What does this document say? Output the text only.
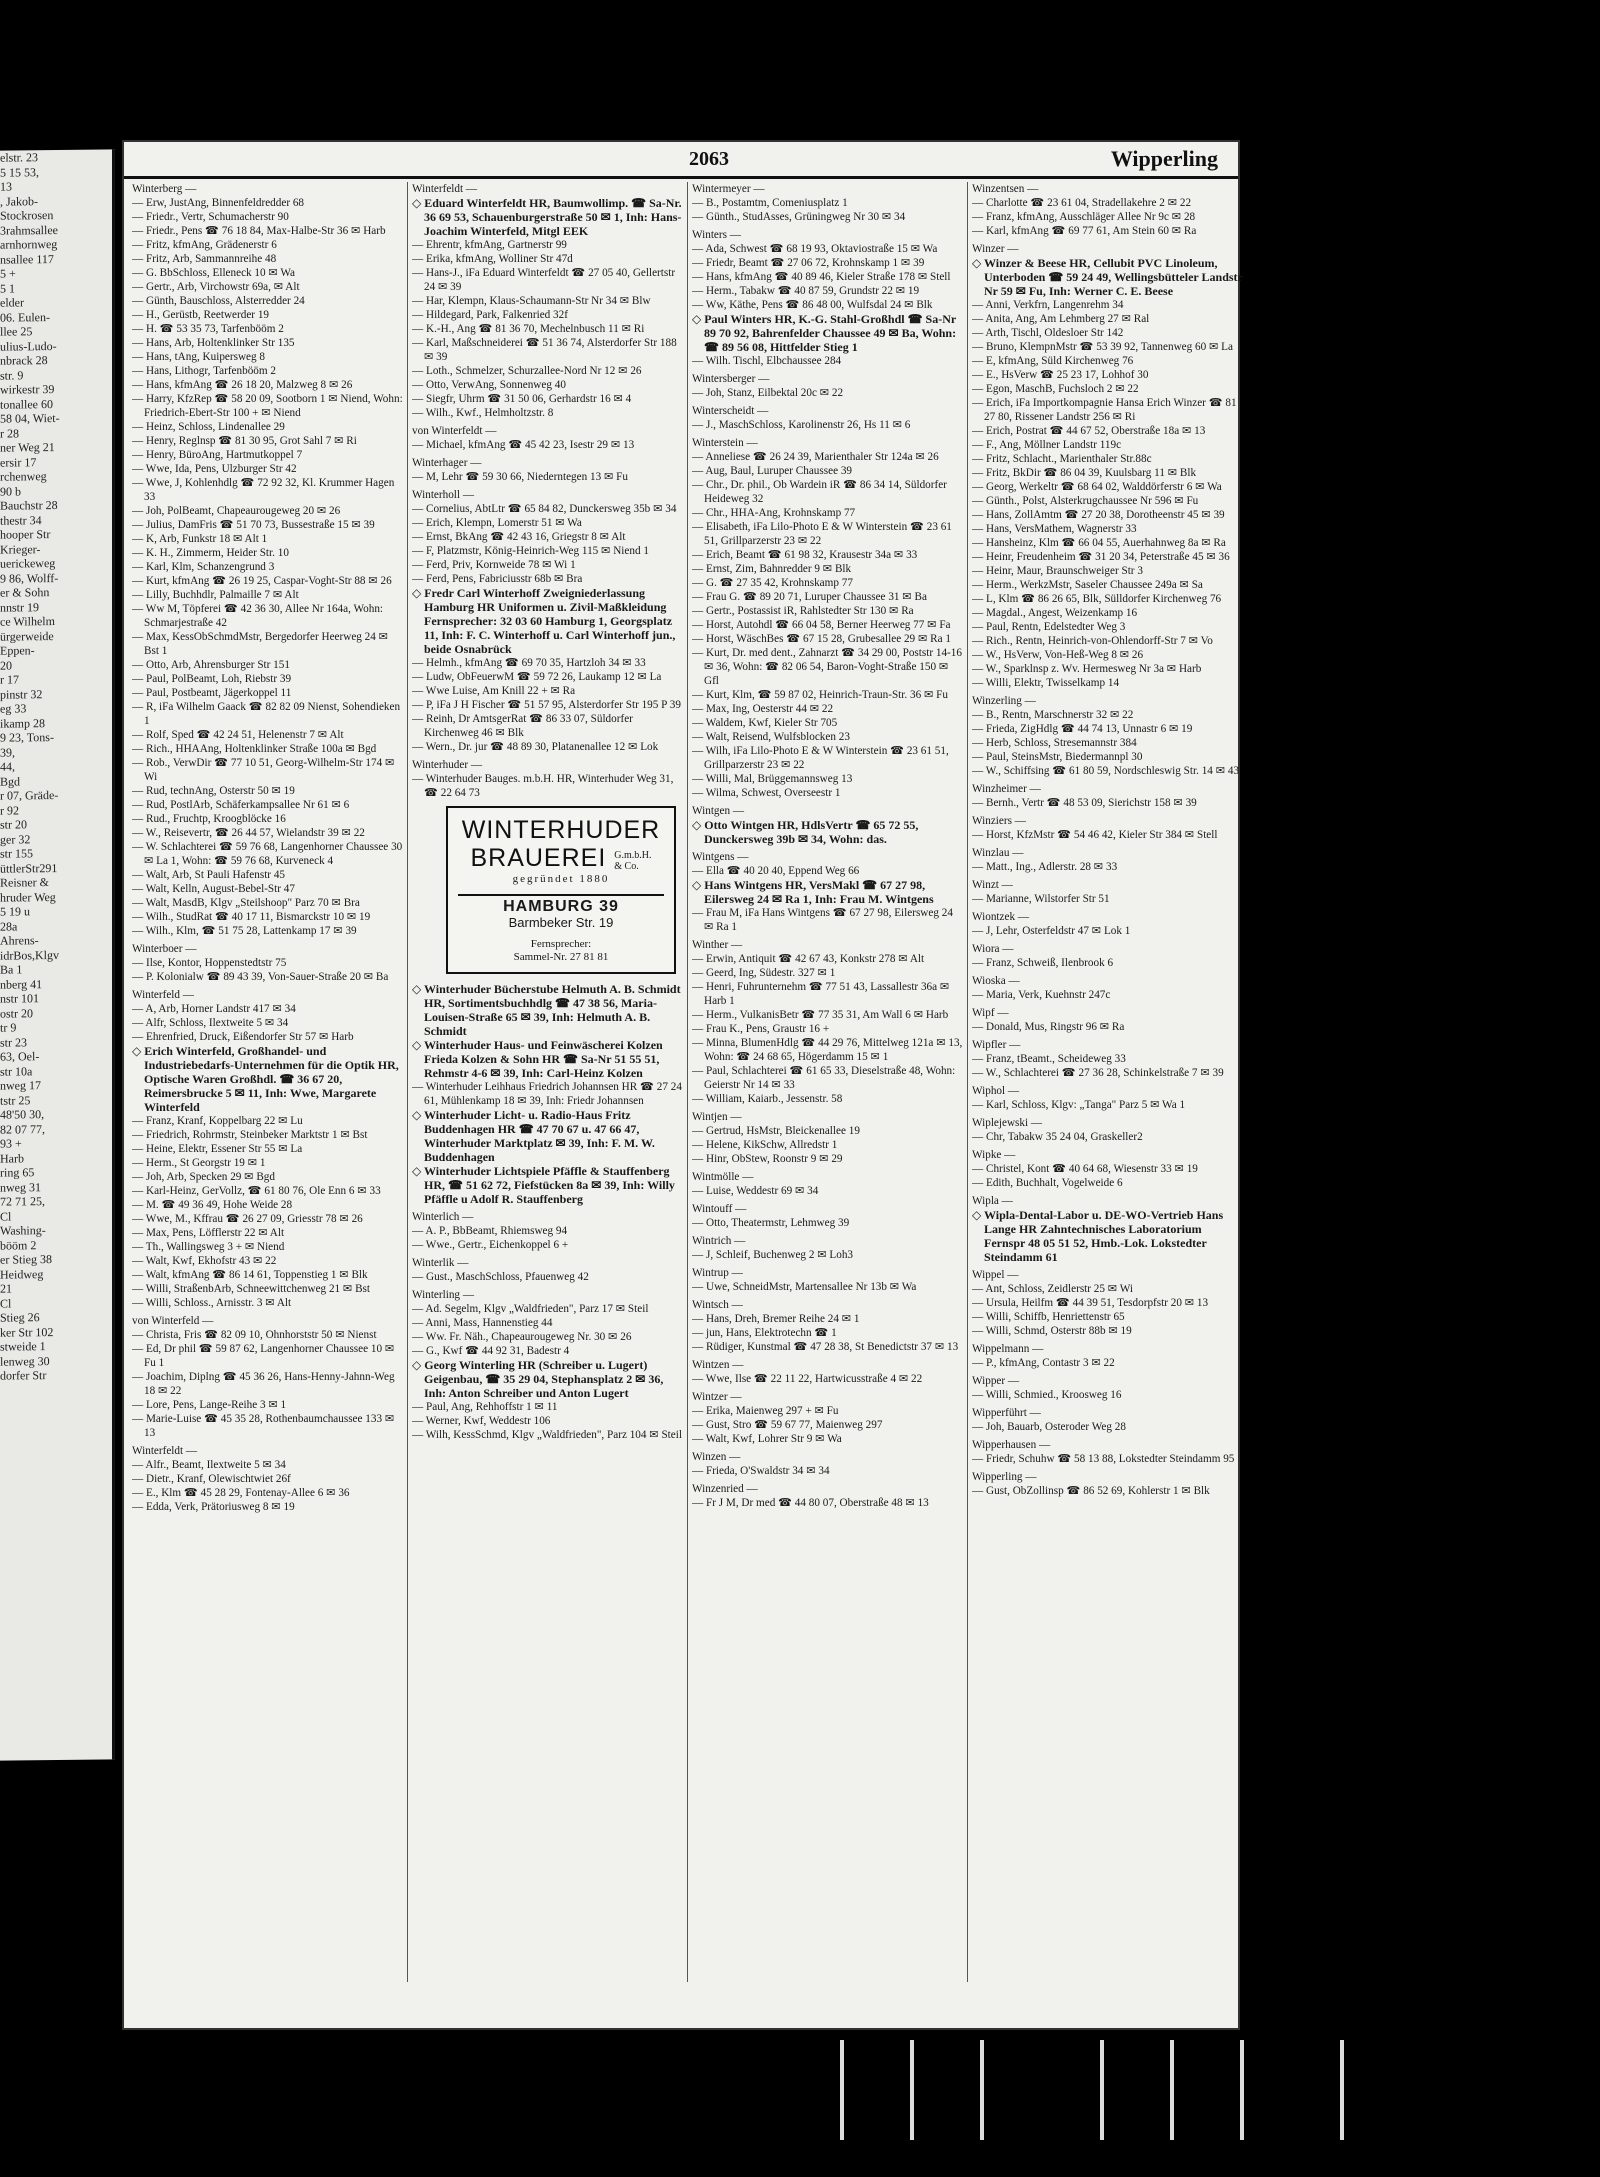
elstr. 23
5 15 53,
13
, Jakob-
Stockrosen
3rahmsallee
arnhornweg
nsallee 117
5 +
5 1
elder
06. Eulen-
llee 25
ulius-Ludo-
nbrack 28
str. 9
wirkestr 39
tonallee 60
58 04, Wiet-
r 28
ner Weg 21
ersir 17
rchenweg
90 b
Bauchstr 28
thestr 34
hooper Str
Krieger-
uerickeweg
9 86, Wolff-
er & Sohn
nnstr 19
ce Wilhelm
ürgerweide
Eppen-
20
r 17
pinstr 32
eg 33
ikamp 28
9 23, Tons-
39,
44,
Bgd
r 07, Gräde-
r 92
str 20
ger 32
str 155
üttlerStr291
Reisner &
hruder Weg
5 19 u
28a
Ahrens-
idrBos,Klgv
Ba 1
nberg 41
nstr 101
ostr 20
tr 9
str 23
63, Oel-
str 10a
nweg 17
tstr 25
48'50 30,
82 07 77,
93 +
Harb
ring 65
nweg 31
72 71 25,
Cl
Washing-
bööm 2
er Stieg 38
Heidweg
21
Cl
Stieg 26
ker Str 102
stweide 1
lenweg 30
dorfer Str
2063	Wipperling
Winterberg —
— Erw, JustAng, Binnenfeldredder 68
— Friedr., Vertr, Schumacherstr 90
— Friedr., Pens ☎ 76 18 84, Max-Halbe-Str 36 ✉ Harb
— Fritz, kfmAng, Grädenerstr 6
— Fritz, Arb, Sammannreihe 48
— G. BbSchloss, Elleneck 10 ✉ Wa
— Gertr., Arb, Virchowstr 69a, ✉ Alt
— Günth, Bauschloss, Alsterredder 24
— H., Gerüstb, Reetwerder 19
— H. ☎ 53 35 73, Tarfenbööm 2
— Hans, Arb, Holtenklinker Str 135
— Hans, tAng, Kuipersweg 8
— Hans, Lithogr, Tarfenbööm 2
— Hans, kfmAng ☎ 26 18 20, Malzweg 8 ✉ 26
— Harry, KfzRep ☎ 58 20 09, Sootborn 1 ✉ Niend, Wohn: Friedrich-Ebert-Str 100 + ✉ Niend
— Heinz, Schloss, Lindenallee 29
— Henry, Reglnsp ☎ 81 30 95, Grot Sahl 7 ✉ Ri
— Henry, BüroAng, Hartmutkoppel 7
— Wwe, Ida, Pens, Ulzburger Str 42
— Wwe, J, Kohlenhdlg ☎ 72 92 32, Kl. Krummer Hagen 33
— Joh, PolBeamt, Chapeaurougeweg 20 ✉ 26
— Julius, DamFris ☎ 51 70 73, Bussestraße 15 ✉ 39
— K, Arb, Funkstr 18 ✉ Alt 1
— K. H., Zimmerm, Heider Str. 10
— Karl, Klm, Schanzengrund 3
— Kurt, kfmAng ☎ 26 19 25, Caspar-Voght-Str 88 ✉ 26
— Lilly, Buchhdlr, Palmaille 7 ✉ Alt
— Ww M, Töpferei ☎ 42 36 30, Allee Nr 164a, Wohn: Schmarjestraße 42
— Max, KessObSchmdMstr, Bergedorfer Heerweg 24 ✉ Bst 1
— Otto, Arb, Ahrensburger Str 151
— Paul, PolBeamt, Loh, Riebstr 39
— Paul, Postbeamt, Jägerkoppel 11
— R, iFa Wilhelm Gaack ☎ 82 82 09 Nienst, Sohendieken 1
— Rolf, Sped ☎ 42 24 51, Helenenstr 7 ✉ Alt
— Rich., HHAAng, Holtenklinker Straße 100a ✉ Bgd
— Rob., VerwDir ☎ 77 10 51, Georg-Wilhelm-Str 174 ✉ Wi
— Rud, technAng, Osterstr 50 ✉ 19
— Rud, PostlArb, Schäferkampsallee Nr 61 ✉ 6
— Rud., Fruchtp, Kroogblöcke 16
— W., Reisevertr, ☎ 26 44 57, Wielandstr 39 ✉ 22
— W. Schlachterei ☎ 59 76 68, Langenhorner Chaussee 30 ✉ La 1, Wohn: ☎ 59 76 68, Kurveneck 4
— Walt, Arb, St Pauli Hafenstr 45
— Walt, Kelln, August-Bebel-Str 47
— Walt, MasdB, Klgv „Steilshoop" Parz 70 ✉ Bra
— Wilh., StudRat ☎ 40 17 11, Bismarckstr 10 ✉ 19
— Wilh., Klm, ☎ 51 75 28, Lattenkamp 17 ✉ 39
Winterboer —
— Ilse, Kontor, Hoppenstedtstr 75
— P. Kolonialw ☎ 89 43 39, Von-Sauer-Straße 20 ✉ Ba
Winterfeld —
— A, Arb, Horner Landstr 417 ✉ 34
— Alfr, Schloss, Ilextweite 5 ✉ 34
— Ehrenfried, Druck, Eißendorfer Str 57 ✉ Harb
◇ Erich Winterfeld, Großhandel- und Industriebedarfs-Unternehmen für die Optik HR, Optische Waren Großhdl. ☎ 36 67 20, Reimersbrucke 5 ✉ 11, Inh: Wwe, Margarete Winterfeld
— Franz, Kranf, Koppelbarg 22 ✉ Lu
— Friedrich, Rohrmstr, Steinbeker Marktstr 1 ✉ Bst
— Heine, Elektr, Essener Str 55 ✉ La
— Herm., St Georgstr 19 ✉ 1
— Joh, Arb, Specken 29 ✉ Bgd
— Karl-Heinz, GerVollz, ☎ 61 80 76, Ole Enn 6 ✉ 33
— M. ☎ 49 36 49, Hohe Weide 28
— Wwe, M., Kffrau ☎ 26 27 09, Griesstr 78 ✉ 26
— Max, Pens, Löfflerstr 22 ✉ Alt
— Th., Wallingsweg 3 + ✉ Niend
— Walt, Kwf, Ekhofstr 43 ✉ 22
— Walt, kfmAng ☎ 86 14 61, Toppenstieg 1 ✉ Blk
— Willi, StraßenbArb, Schneewittchenweg 21 ✉ Bst
— Willi, Schloss., Arnisstr. 3 ✉ Alt
von Winterfeld —
— Christa, Fris ☎ 82 09 10, Ohnhorststr 50 ✉ Nienst
— Ed, Dr phil ☎ 59 87 62, Langenhorner Chaussee 10 ✉ Fu 1
— Joachim, Diplng ☎ 45 36 26, Hans-Henny-Jahnn-Weg 18 ✉ 22
— Lore, Pens, Lange-Reihe 3 ✉ 1
— Marie-Luise ☎ 45 35 28, Rothenbaumchaussee 133 ✉ 13
Winterfeldt —
— Alfr., Beamt, Ilextweite 5 ✉ 34
— Dietr., Kranf, Olewischtwiet 26f
— E., Klm ☎ 45 28 29, Fontenay-Allee 6 ✉ 36
— Edda, Verk, Prätoriusweg 8 ✉ 19
Winterfeldt —
◇ Eduard Winterfeldt HR, Baumwollimp. ☎ Sa-Nr. 36 69 53, Schauenburgerstraße 50 ✉ 1, Inh: Hans-Joachim Winterfeld, Mitgl EEK
— Ehrentr, kfmAng, Gartnerstr 99
— Erika, kfmAng, Wolliner Str 47d
— Hans-J., iFa Eduard Winterfeldt ☎ 27 05 40, Gellertstr 24 ✉ 39
— Har, Klempn, Klaus-Schaumann-Str Nr 34 ✉ Blw
— Hildegard, Park, Falkenried 32f
— K.-H., Ang ☎ 81 36 70, Mechelnbusch 11 ✉ Ri
— Karl, Maßschneiderei ☎ 51 36 74, Alsterdorfer Str 188 ✉ 39
— Loth., Schmelzer, Schurzallee-Nord Nr 12 ✉ 26
— Otto, VerwAng, Sonnenweg 40
— Siegfr, Uhrm ☎ 31 50 06, Gerhardstr 16 ✉ 4
— Wilh., Kwf., Helmholtzstr. 8
von Winterfeldt —
— Michael, kfmAng ☎ 45 42 23, Isestr 29 ✉ 13
Winterhager —
— M, Lehr ☎ 59 30 66, Niederntegen 13 ✉ Fu
Winterholl —
— Cornelius, AbtLtr ☎ 65 84 82, Dunckersweg 35b ✉ 34
— Erich, Klempn, Lomerstr 51 ✉ Wa
— Ernst, BkAng ☎ 42 43 16, Griegstr 8 ✉ Alt
— F, Platzmstr, König-Heinrich-Weg 115 ✉ Niend 1
— Ferd, Priv, Kornweide 78 ✉ Wi 1
— Ferd, Pens, Fabriciusstr 68b ✉ Bra
◇ Fredr Carl Winterhoff Zweigniederlassung Hamburg HR Uniformen u. Zivil-Maßkleidung Fernsprecher: 32 03 60 Hamburg 1, Georgsplatz 11, Inh: F. C. Winterhoff u. Carl Winterhoff jun., beide Osnabrück
— Helmh., kfmAng ☎ 69 70 35, Hartzloh 34 ✉ 33
— Ludw, ObFeuerwM ☎ 59 72 26, Laukamp 12 ✉ La
— Wwe Luise, Am Knill 22 + ✉ Ra
— P, iFa J H Fischer ☎ 51 57 95, Alsterdorfer Str 195 P 39
— Reinh, Dr AmtsgerRat ☎ 86 33 07, Süldorfer Kirchenweg 46 ✉ Blk
— Wern., Dr. jur ☎ 48 89 30, Platanenallee 12 ✉ Lok
Winterhuder —
— Winterhuder Bauges. m.b.H. HR, Winterhuder Weg 31, ☎ 22 64 73
WINTERHUDER
BRAUEREI G.m.b.H.
& Co.
gegründet 1880
HAMBURG 39
Barmbeker Str. 19
Fernsprecher:
Sammel-Nr. 27 81 81
◇ Winterhuder Bücherstube Helmuth A. B. Schmidt HR, Sortimentsbuchhdlg ☎ 47 38 56, Maria-Louisen-Straße 65 ✉ 39, Inh: Helmuth A. B. Schmidt
◇ Winterhuder Haus- und Feinwäscherei Kolzen Frieda Kolzen & Sohn HR ☎ Sa-Nr 51 55 51, Rehmstr 4-6 ✉ 39, Inh: Carl-Heinz Kolzen
— Winterhuder Leihhaus Friedrich Johannsen HR ☎ 27 24 61, Mühlenkamp 18 ✉ 39, Inh: Friedr Johannsen
◇ Winterhuder Licht- u. Radio-Haus Fritz Buddenhagen HR ☎ 47 70 67 u. 47 66 47, Winterhuder Marktplatz ✉ 39, Inh: F. M. W. Buddenhagen
◇ Winterhuder Lichtspiele Pfäffle & Stauffenberg HR, ☎ 51 62 72, Fiefstücken 8a ✉ 39, Inh: Willy Pfäffle u Adolf R. Stauffenberg
Winterlich —
— A. P., BbBeamt, Rhiemsweg 94
— Wwe., Gertr., Eichenkoppel 6 +
Winterlik —
— Gust., MaschSchloss, Pfauenweg 42
Winterling —
— Ad. Segelm, Klgv „Waldfrieden", Parz 17 ✉ Steil
— Anni, Mass, Hannenstieg 44
— Ww. Fr. Näh., Chapeaurougeweg Nr. 30 ✉ 26
— G., Kwf ☎ 44 92 31, Badestr 4
◇ Georg Winterling HR (Schreiber u. Lugert) Geigenbau, ☎ 35 29 04, Stephansplatz 2 ✉ 36, Inh: Anton Schreiber und Anton Lugert
— Paul, Ang, Rehhoffstr 1 ✉ 11
— Werner, Kwf, Weddestr 106
— Wilh, KessSchmd, Klgv „Waldfrieden", Parz 104 ✉ Steil
Wintermeyer —
— B., Postamtm, Comeniusplatz 1
— Günth., StudAsses, Grüningweg Nr 30 ✉ 34
Winters —
— Ada, Schwest ☎ 68 19 93, Oktaviostraße 15 ✉ Wa
— Friedr, Beamt ☎ 27 06 72, Krohnskamp 1 ✉ 39
— Hans, kfmAng ☎ 40 89 46, Kieler Straße 178 ✉ Stell
— Herm., Tabakw ☎ 40 87 59, Grundstr 22 ✉ 19
— Ww, Käthe, Pens ☎ 86 48 00, Wulfsdal 24 ✉ Blk
◇ Paul Winters HR, K.-G. Stahl-Großhdl ☎ Sa-Nr 89 70 92, Bahrenfelder Chaussee 49 ✉ Ba, Wohn: ☎ 89 56 08, Hittfelder Stieg 1
— Wilh. Tischl, Elbchaussee 284
Wintersberger —
— Joh, Stanz, Eilbektal 20c ✉ 22
Winterscheidt —
— J., MaschSchloss, Karolinenstr 26, Hs 11 ✉ 6
Winterstein —
— Anneliese ☎ 26 24 39, Marienthaler Str 124a ✉ 26
— Aug, Baul, Luruper Chaussee 39
— Chr., Dr. phil., Ob Wardein iR ☎ 86 34 14, Süldorfer Heideweg 32
— Chr., HHA-Ang, Krohnskamp 77
— Elisabeth, iFa Lilo-Photo E & W Winterstein ☎ 23 61 51, Grillparzerstr 23 ✉ 22
— Erich, Beamt ☎ 61 98 32, Krausestr 34a ✉ 33
— Ernst, Zim, Bahnredder 9 ✉ Blk
— G. ☎ 27 35 42, Krohnskamp 77
— Frau G. ☎ 89 20 71, Luruper Chaussee 31 ✉ Ba
— Gertr., Postassist iR, Rahlstedter Str 130 ✉ Ra
— Horst, Autohdl ☎ 66 04 58, Berner Heerweg 77 ✉ Fa
— Horst, WäschBes ☎ 67 15 28, Grubesallee 29 ✉ Ra 1
— Kurt, Dr. med dent., Zahnarzt ☎ 34 29 00, Poststr 14-16 ✉ 36, Wohn: ☎ 82 06 54, Baron-Voght-Straße 150 ✉ Gfl
— Kurt, Klm, ☎ 59 87 02, Heinrich-Traun-Str. 36 ✉ Fu
— Max, Ing, Oesterstr 44 ✉ 22
— Waldem, Kwf, Kieler Str 705
— Walt, Reisend, Wulfsblocken 23
— Wilh, iFa Lilo-Photo E & W Winterstein ☎ 23 61 51, Grillparzerstr 23 ✉ 22
— Willi, Mal, Brüggemannsweg 13
— Wilma, Schwest, Overseestr 1
Wintgen —
◇ Otto Wintgen HR, HdlsVertr ☎ 65 72 55, Dunckersweg 39b ✉ 34, Wohn: das.
Wintgens —
— Ella ☎ 40 20 40, Eppend Weg 66
◇ Hans Wintgens HR, VersMakl ☎ 67 27 98, Eilersweg 24 ✉ Ra 1, Inh: Frau M. Wintgens
— Frau M, iFa Hans Wintgens ☎ 67 27 98, Eilersweg 24 ✉ Ra 1
Winther —
— Erwin, Antiquit ☎ 42 67 43, Konkstr 278 ✉ Alt
— Geerd, Ing, Südestr. 327 ✉ 1
— Henri, Fuhrunternehm ☎ 77 51 43, Lassallestr 36a ✉ Harb 1
— Herm., VulkanisBetr ☎ 77 35 31, Am Wall 6 ✉ Harb
— Frau K., Pens, Graustr 16 +
— Minna, BlumenHdlg ☎ 44 29 76, Mittelweg 121a ✉ 13, Wohn: ☎ 24 68 65, Högerdamm 15 ✉ 1
— Paul, Schlachterei ☎ 61 65 33, Dieselstraße 48, Wohn: Geierstr Nr 14 ✉ 33
— William, Kaiarb., Jessenstr. 58
Wintjen —
— Gertrud, HsMstr, Bleickenallee 19
— Helene, KikSchw, Allredstr 1
— Hinr, ObStew, Roonstr 9 ✉ 29
Wintmölle —
— Luise, Weddestr 69 ✉ 34
Wintouff —
— Otto, Theatermstr, Lehmweg 39
Wintrich —
— J, Schleif, Buchenweg 2 ✉ Loh3
Wintrup —
— Uwe, SchneidMstr, Martensallee Nr 13b ✉ Wa
Wintsch —
— Hans, Dreh, Bremer Reihe 24 ✉ 1
— jun, Hans, Elektrotechn ☎ 1
— Rüdiger, Kunstmal ☎ 47 28 38, St Benedictstr 37 ✉ 13
Wintzen —
— Wwe, Ilse ☎ 22 11 22, Hartwicusstraße 4 ✉ 22
Wintzer —
— Erika, Maienweg 297 + ✉ Fu
— Gust, Stro ☎ 59 67 77, Maienweg 297
— Walt, Kwf, Lohrer Str 9 ✉ Wa
Winzen —
— Frieda, O'Swaldstr 34 ✉ 34
Winzenried —
— Fr J M, Dr med ☎ 44 80 07, Oberstraße 48 ✉ 13
Winzentsen —
— Charlotte ☎ 23 61 04, Stradellakehre 2 ✉ 22
— Franz, kfmAng, Ausschläger Allee Nr 9c ✉ 28
— Karl, kfmAng ☎ 69 77 61, Am Stein 60 ✉ Ra
Winzer —
◇ Winzer & Beese HR, Cellubit PVC Linoleum, Unterboden ☎ 59 24 49, Wellingsbütteler Landstr Nr 59 ✉ Fu, Inh: Werner C. E. Beese
— Anni, Verkfrn, Langenrehm 34
— Anita, Ang, Am Lehmberg 27 ✉ Ral
— Arth, Tischl, Oldesloer Str 142
— Bruno, KlempnMstr ☎ 53 39 92, Tannenweg 60 ✉ La
— E, kfmAng, Süld Kirchenweg 76
— E., HsVerw ☎ 25 23 17, Lohhof 30
— Egon, MaschB, Fuchsloch 2 ✉ 22
— Erich, iFa Importkompagnie Hansa Erich Winzer ☎ 81 27 80, Rissener Landstr 256 ✉ Ri
— Erich, Postrat ☎ 44 67 52, Oberstraße 18a ✉ 13
— F., Ang, Möllner Landstr 119c
— Fritz, Schlacht., Marienthaler Str.88c
— Fritz, BkDir ☎ 86 04 39, Kuulsbarg 11 ✉ Blk
— Georg, Werkeltr ☎ 68 64 02, Walddörferstr 6 ✉ Wa
— Günth., Polst, Alsterkrugchaussee Nr 596 ✉ Fu
— Hans, ZollAmtm ☎ 27 20 38, Dorotheenstr 45 ✉ 39
— Hans, VersMathem, Wagnerstr 33
— Hansheinz, Klm ☎ 66 04 55, Auerhahnweg 8a ✉ Ra
— Heinr, Freudenheim ☎ 31 20 34, Peterstraße 45 ✉ 36
— Heinr, Maur, Braunschweiger Str 3
— Herm., WerkzMstr, Saseler Chaussee 249a ✉ Sa
— L, Klm ☎ 86 26 65, Blk, Sülldorfer Kirchenweg 76
— Magdal., Angest, Weizenkamp 16
— Paul, Rentn, Edelstedter Weg 3
— Rich., Rentn, Heinrich-von-Ohlendorff-Str 7 ✉ Vo
— W., HsVerw, Von-Heß-Weg 8 ✉ 26
— W., Sparklnsp z. Wv. Hermesweg Nr 3a ✉ Harb
— Willi, Elektr, Twisselkamp 14
Winzerling —
— B., Rentn, Marschnerstr 32 ✉ 22
— Frieda, ZigHdlg ☎ 44 74 13, Unnastr 6 ✉ 19
— Herb, Schloss, Stresemannstr 384
— Paul, SteinsMstr, Biedermannpl 30
— W., Schiffsing ☎ 61 80 59, Nordschleswig Str. 14 ✉ 43
Winzheimer —
— Bernh., Vertr ☎ 48 53 09, Sierichstr 158 ✉ 39
Winziers —
— Horst, KfzMstr ☎ 54 46 42, Kieler Str 384 ✉ Stell
Winzlau —
— Matt., Ing., Adlerstr. 28 ✉ 33
Winzt —
— Marianne, Wilstorfer Str 51
Wiontzek —
— J, Lehr, Osterfeldstr 47 ✉ Lok 1
Wiora —
— Franz, Schweiß, Ilenbrook 6
Wioska —
— Maria, Verk, Kuehnstr 247c
Wipf —
— Donald, Mus, Ringstr 96 ✉ Ra
Wipfler —
— Franz, tBeamt., Scheideweg 33
— W., Schlachterei ☎ 27 36 28, Schinkelstraße 7 ✉ 39
Wiphol —
— Karl, Schloss, Klgv: „Tanga" Parz 5 ✉ Wa 1
Wiplejewski —
— Chr, Tabakw 35 24 04, Graskeller2
Wipke —
— Christel, Kont ☎ 40 64 68, Wiesenstr 33 ✉ 19
— Edith, Buchhalt, Vogelweide 6
Wipla —
◇ Wipla-Dental-Labor u. DE-WO-Vertrieb Hans Lange HR Zahntechnisches Laboratorium Fernspr 48 05 51 52, Hmb.-Lok. Lokstedter Steindamm 61
Wippel —
— Ant, Schloss, Zeidlerstr 25 ✉ Wi
— Ursula, Heilfm ☎ 44 39 51, Tesdorpfstr 20 ✉ 13
— Willi, Schiffb, Henriettenstr 65
— Willi, Schmd, Osterstr 88b ✉ 19
Wippelmann —
— P., kfmAng, Contastr 3 ✉ 22
Wipper —
— Willi, Schmied., Kroosweg 16
Wipperführt —
— Joh, Bauarb, Osteroder Weg 28
Wipperhausen —
— Friedr, Schuhw ☎ 58 13 88, Lokstedter Steindamm 95
Wipperling —
— Gust, ObZollinsp ☎ 86 52 69, Kohlerstr 1 ✉ Blk
